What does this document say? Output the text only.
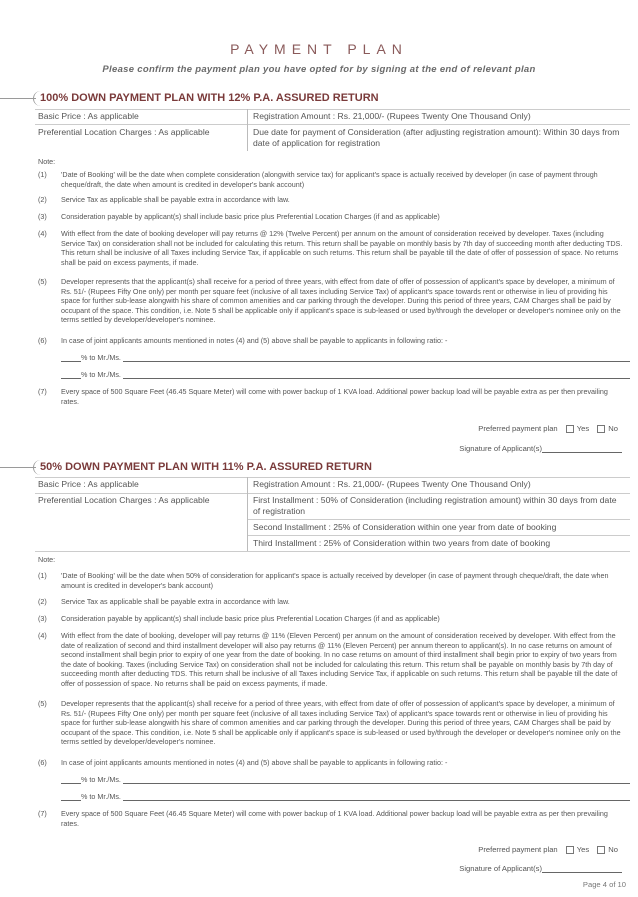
PAYMENT PLAN
Please confirm the payment plan you have opted for by signing at the end of relevant plan
100% DOWN PAYMENT PLAN WITH 12% P.A. ASSURED RETURN
Basic Price : As applicable	Registration Amount : Rs. 21,000/- (Rupees Twenty One Thousand Only)
Preferential Location Charges : As applicable	Due date for payment of Consideration (after adjusting registration amount): Within 30 days from date of application for registration
Note:
(1)	'Date of Booking' will be the date when complete consideration (alongwith service tax) for applicant's space is actually received by developer (in case of payment through cheque/draft, the date when amount is credited in developer's bank account)
(2)	Service Tax as applicable shall be payable extra in accordance with law.
(3)	Consideration payable by applicant(s) shall include basic price plus Preferential Location Charges (if and as applicable)
(4)	With effect from the date of booking developer will pay returns @ 12% (Twelve Percent) per annum on the amount of consideration received by developer. Taxes (including Service Tax) on consideration shall not be included for calculating this return. This return shall be payable on monthly basis by 7th day of succeeding month after deducting TDS. This return shall be inclusive of all Taxes including Service Tax, if applicable on such returns. This return shall be payable till the date of offer of possession of space. No returns shall be paid on excess payments, if made.
(5)	Developer represents that the applicant(s) shall receive for a period of three years, with effect from date of offer of possession of applicant's space by developer, a minimum of Rs. 51/- (Rupees Fifty One only) per month per square feet (inclusive of all taxes including Service Tax) of applicant's space towards rent or otherwise in lieu of providing his space for further sub-lease alongwith his share of common amenities and car parking through the developer. During this period of three years, CAM Charges shall be paid by occupant of the space. This condition, i.e. Note 5 shall be applicable only if applicant's space is sub-leased or used by/through the developer or developer's nominee only on the terms settled by developer/developer's nominee.
(6)	In case of joint applicants amounts mentioned in notes (4) and (5) above shall be payable to applicants in following ratio: -
% to Mr./Ms.
% to Mr./Ms.
(7)	Every space of 500 Square Feet (46.45 Square Meter) will come with power backup of 1 KVA load. Additional power backup load will be payable extra as per then prevailing rates.
Preferred payment plan	Yes	No
Signature of Applicant(s)
50% DOWN PAYMENT PLAN WITH 11% P.A. ASSURED RETURN
Basic Price : As applicable	Registration Amount : Rs. 21,000/- (Rupees Twenty One Thousand Only)
Preferential Location Charges : As applicable	First Installment : 50% of Consideration (including registration amount) within 30 days from date of registration
Second Installment : 25% of Consideration within one year from date of booking
Third Installment : 25% of Consideration within two years from date of booking
Note:
(1)	'Date of Booking' will be the date when 50% of consideration for applicant's space is actually received by developer (in case of payment through cheque/draft, the date when amount is credited in developer's bank account)
(2)	Service Tax as applicable shall be payable extra in accordance with law.
(3)	Consideration payable by applicant(s) shall include basic price plus Preferential Location Charges (if and as applicable)
(4)	With effect from the date of booking, developer will pay returns @ 11% (Eleven Percent) per annum on the amount of consideration received by developer. With effect from the date of realization of second and third installment developer will also pay returns @ 11% (Eleven Percent) per annum thereon to applicant(s). In no case returns on amount of second installment shall begin prior to expiry of one year from the date of booking. In no case returns on amount of third installment shall begin prior to expiry of two years from the date of booking. Taxes (including Service Tax) on consideration shall not be included for calculating this return. This return shall be payable on monthly basis by 7th day of succeeding month after deducting TDS. This return shall be inclusive of all Taxes including Service Tax, if applicable on such returns. This return shall be payable till the date of offer of possession of space. No returns shall be paid on excess payments, if made.
(5)	Developer represents that the applicant(s) shall receive for a period of three years, with effect from date of offer of possession of applicant's space by developer, a minimum of Rs. 51/- (Rupees Fifty One only) per month per square feet (inclusive of all taxes including Service Tax) of applicant's space towards rent or otherwise in lieu of providing his space for further sub-lease alongwith his share of common amenities and car parking through the developer. During this period of three years, CAM Charges shall be paid by occupant of the space. This condition, i.e. Note 5 shall be applicable only if applicant's space is sub-leased or used by/through the developer or developer's nominee only on the terms settled by developer/developer's nominee.
(6)	In case of joint applicants amounts mentioned in notes (4) and (5) above shall be payable to applicants in following ratio: -
% to Mr./Ms.
% to Mr./Ms.
(7)	Every space of 500 Square Feet (46.45 Square Meter) will come with power backup of 1 KVA load. Additional power backup load will be payable extra as per then prevailing rates.
Preferred payment plan	Yes	No
Signature of Applicant(s)
Page 4 of 10
